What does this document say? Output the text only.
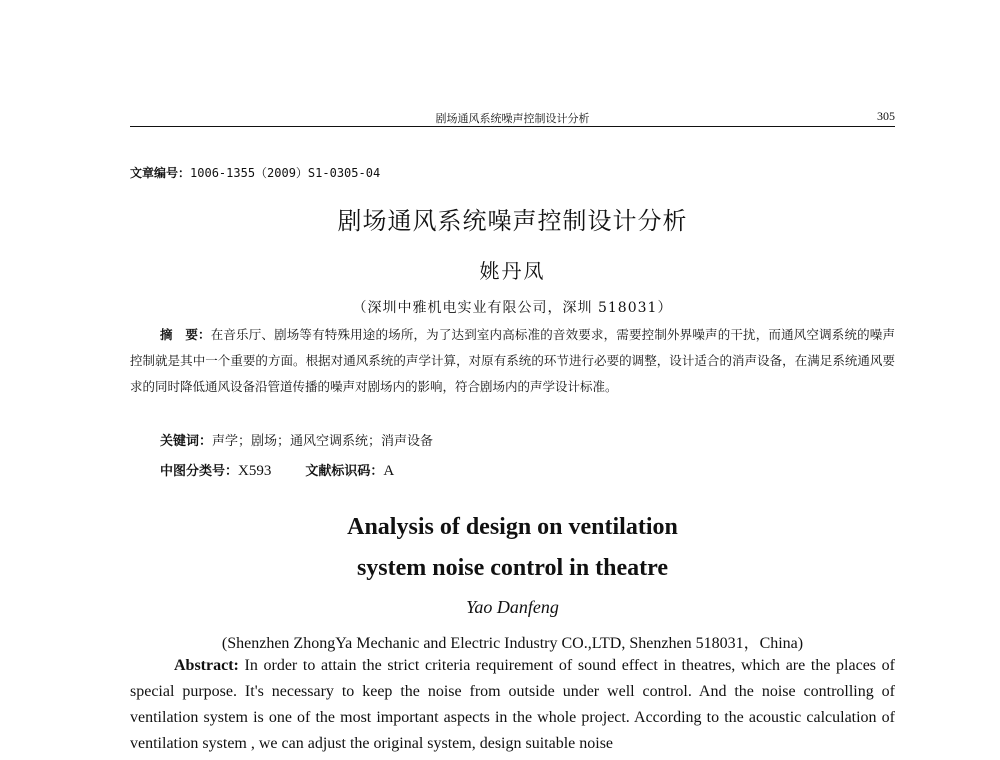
剧场通风系统噪声控制设计分析	305
文章编号：1006-1355（2009）S1-0305-04
剧场通风系统噪声控制设计分析
姚丹凤
（深圳中雅机电实业有限公司，深圳 518031）
摘　要：在音乐厅、剧场等有特殊用途的场所，为了达到室内高标准的音效要求，需要控制外界噪声的干扰，而通风空调系统的噪声控制就是其中一个重要的方面。根据对通风系统的声学计算，对原有系统的环节进行必要的调整，设计适合的消声设备，在满足系统通风要求的同时降低通风设备沿管道传播的噪声对剧场内的影响，符合剧场内的声学设计标准。
关键词：声学；剧场；通风空调系统；消声设备
中图分类号：X593	文献标识码：A
Analysis of design on ventilation
system noise control in theatre
Yao Danfeng
(Shenzhen ZhongYa Mechanic and Electric Industry CO.,LTD, Shenzhen 518031，China)
Abstract: In order to attain the strict criteria requirement of sound effect in theatres, which are the places of special purpose. It's necessary to keep the noise from outside under well control. And the noise controlling of ventilation system is one of the most important aspects in the whole project. According to the acoustic calculation of ventilation system , we can adjust the original system, design suitable noise
